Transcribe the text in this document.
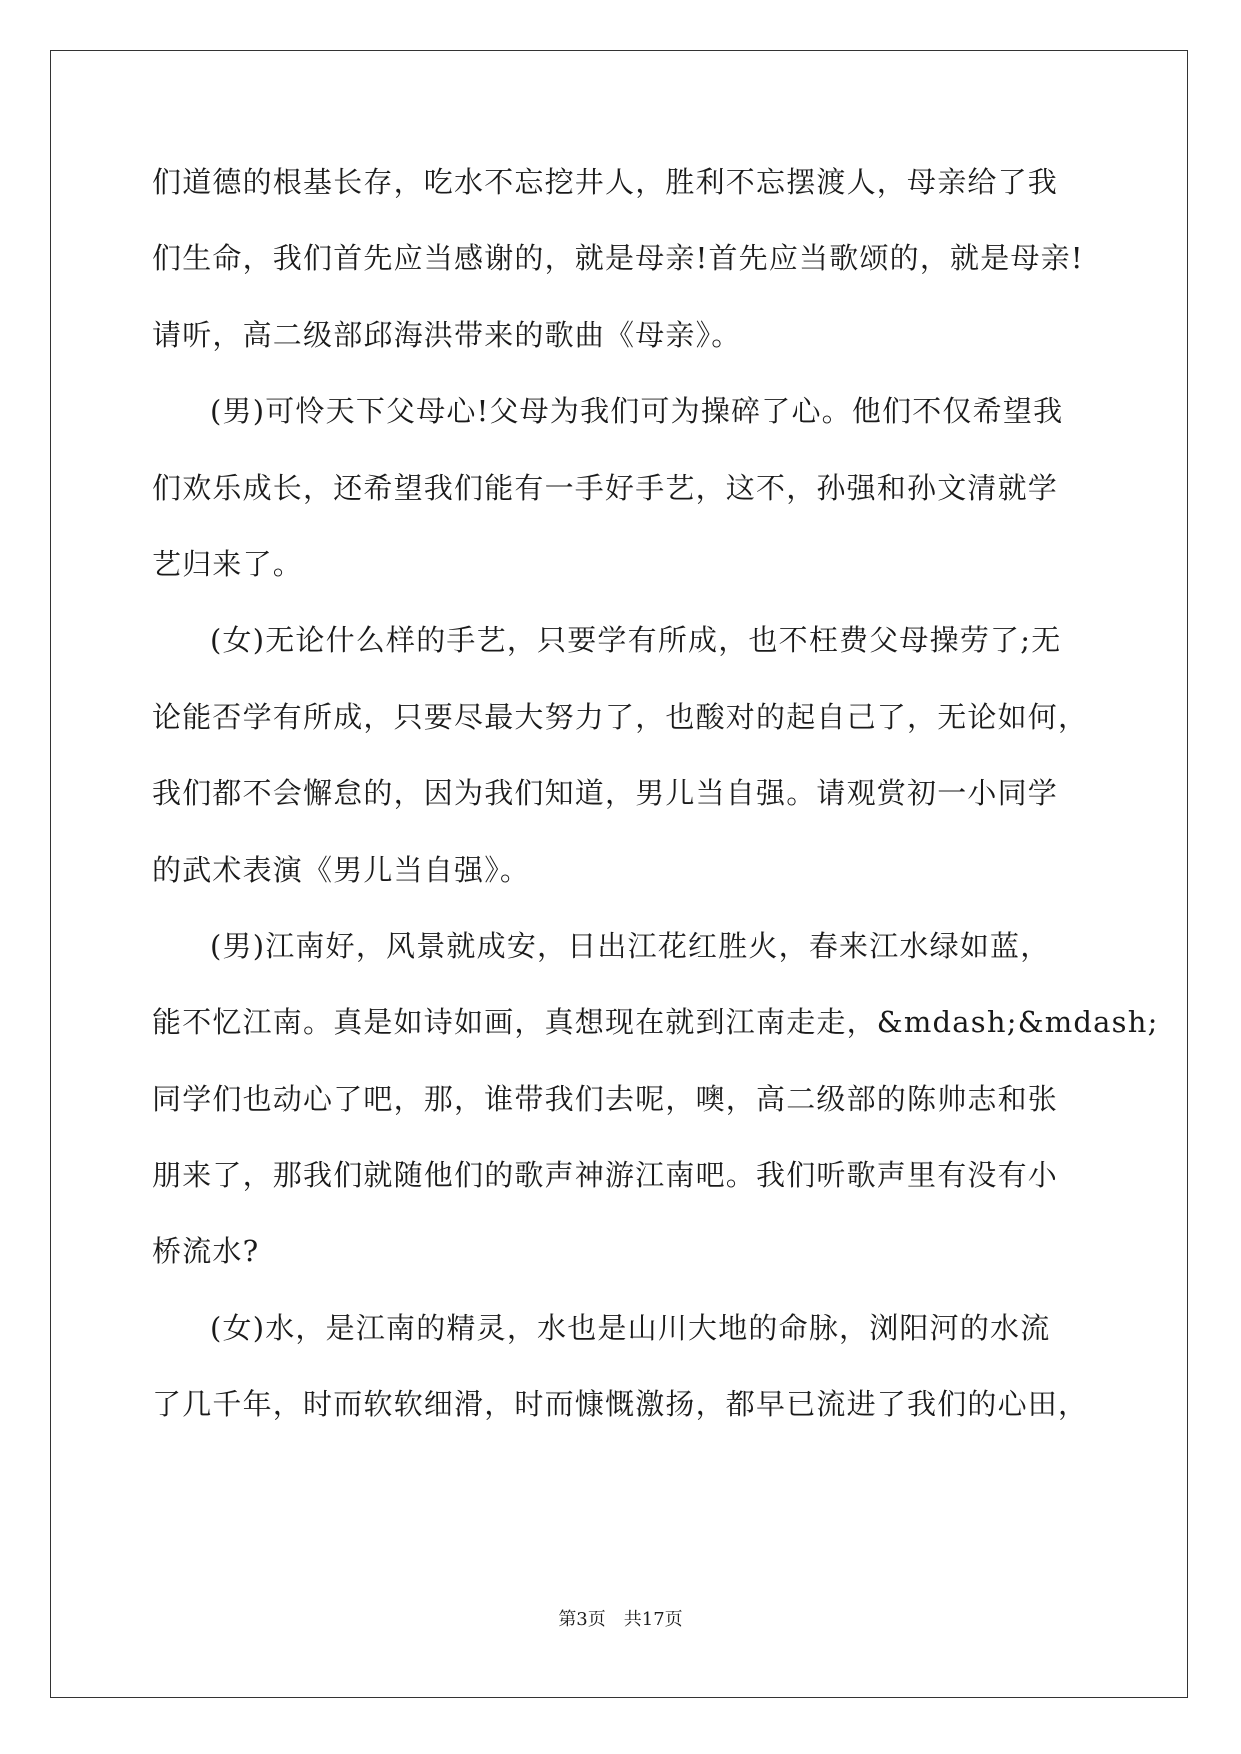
们道德的根基长存，吃水不忘挖井人，胜利不忘摆渡人，母亲给了我
们生命，我们首先应当感谢的，就是母亲!首先应当歌颂的，就是母亲!
请听，高二级部邱海洪带来的歌曲《母亲》。
(男)可怜天下父母心!父母为我们可为操碎了心。他们不仅希望我
们欢乐成长，还希望我们能有一手好手艺，这不，孙强和孙文清就学
艺归来了。
(女)无论什么样的手艺，只要学有所成，也不枉费父母操劳了;无
论能否学有所成，只要尽最大努力了，也酸对的起自己了，无论如何，
我们都不会懈怠的，因为我们知道，男儿当自强。请观赏初一小同学
的武术表演《男儿当自强》。
(男)江南好，风景就成安，日出江花红胜火，春来江水绿如蓝，
能不忆江南。真是如诗如画，真想现在就到江南走走，&mdash;&mdash;
同学们也动心了吧，那，谁带我们去呢，噢，高二级部的陈帅志和张
朋来了，那我们就随他们的歌声神游江南吧。我们听歌声里有没有小
桥流水?
(女)水，是江南的精灵，水也是山川大地的命脉，浏阳河的水流
了几千年，时而软软细滑，时而慷慨激扬，都早已流进了我们的心田，
第3页 共17页
